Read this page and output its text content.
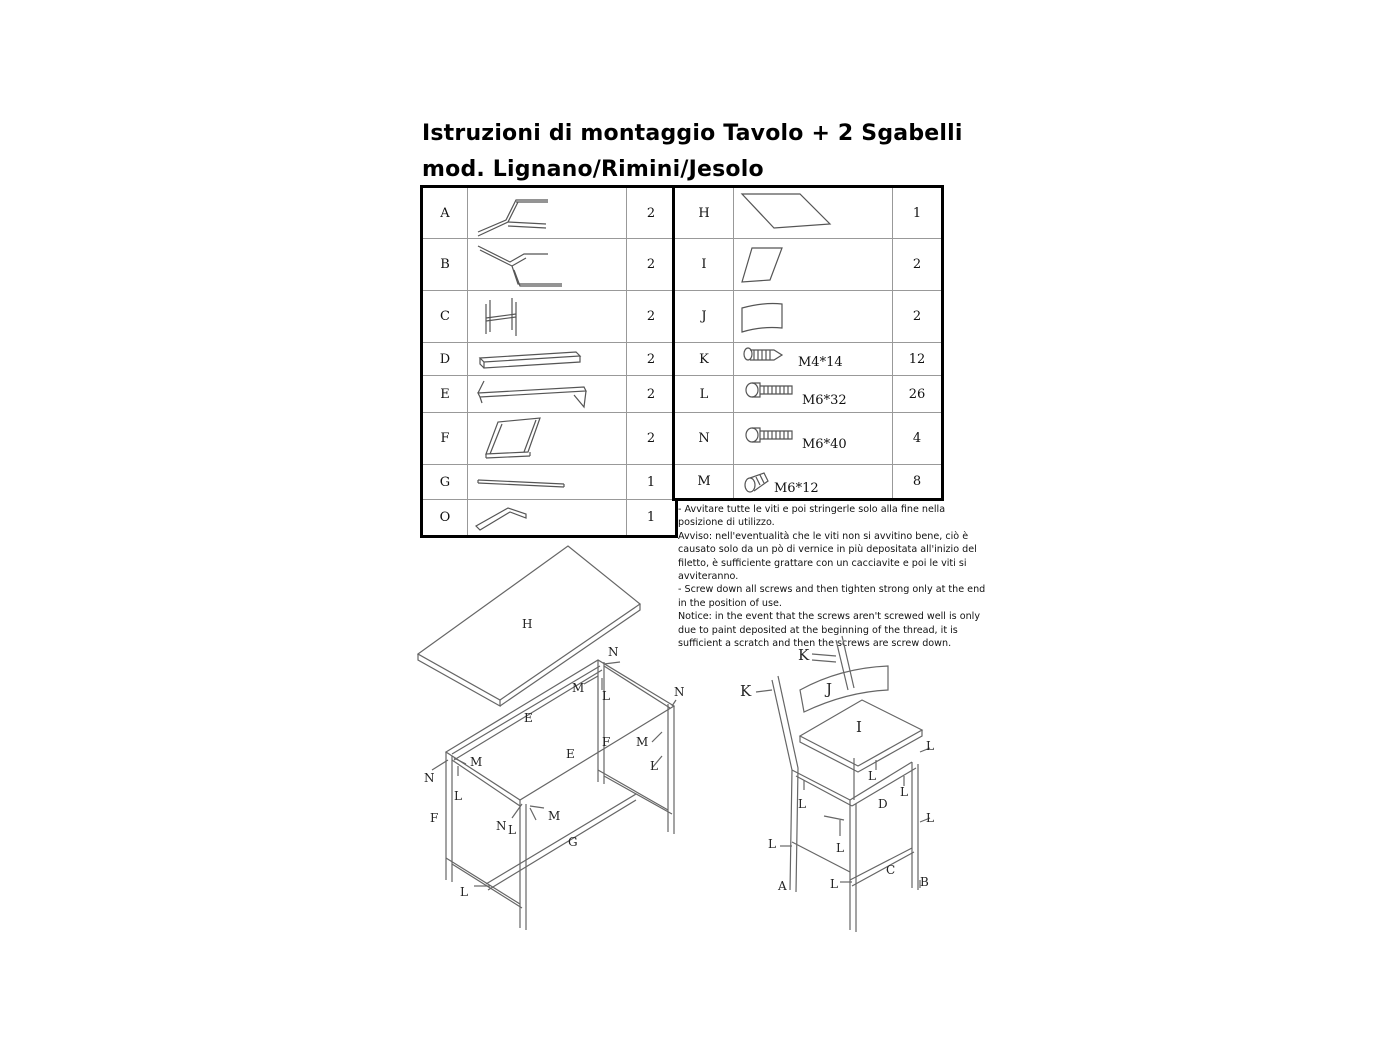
Istruzioni di montaggio Tavolo + 2 Sgabelli
mod. Lignano/Rimini/Jesolo
A		2
B		2
C		2
D		2
E		2
F		2
G		1
O		1
H		1
I		2
J		2
K	M4*14	12
L	M6*32	26
N	M6*40	4
M	M6*12	8

- Avvitare tutte le viti e poi stringerle solo alla fine nella posizione di utilizzo.

Avviso: nell'eventualità che le viti non si avvitino bene, ciò è causato solo da un pò di vernice in più depositata all'inizio del filetto, è sufficiente grattare con un cacciavite e poi le viti si avviteranno.

- Screw down all screws and then tighten strong only at the end in the position of use.

Notice: in the event that the screws aren't screwed well is only due to paint deposited at the beginning of the thread, it is sufficient a scratch and then the screws are screw down.

H
E
E
F
F
G
N
N
N
N
M
M
M
M
L
L
L
L
L
K
K
J
I
D
C
A	B
L
L	L
L
L
L
L
L
